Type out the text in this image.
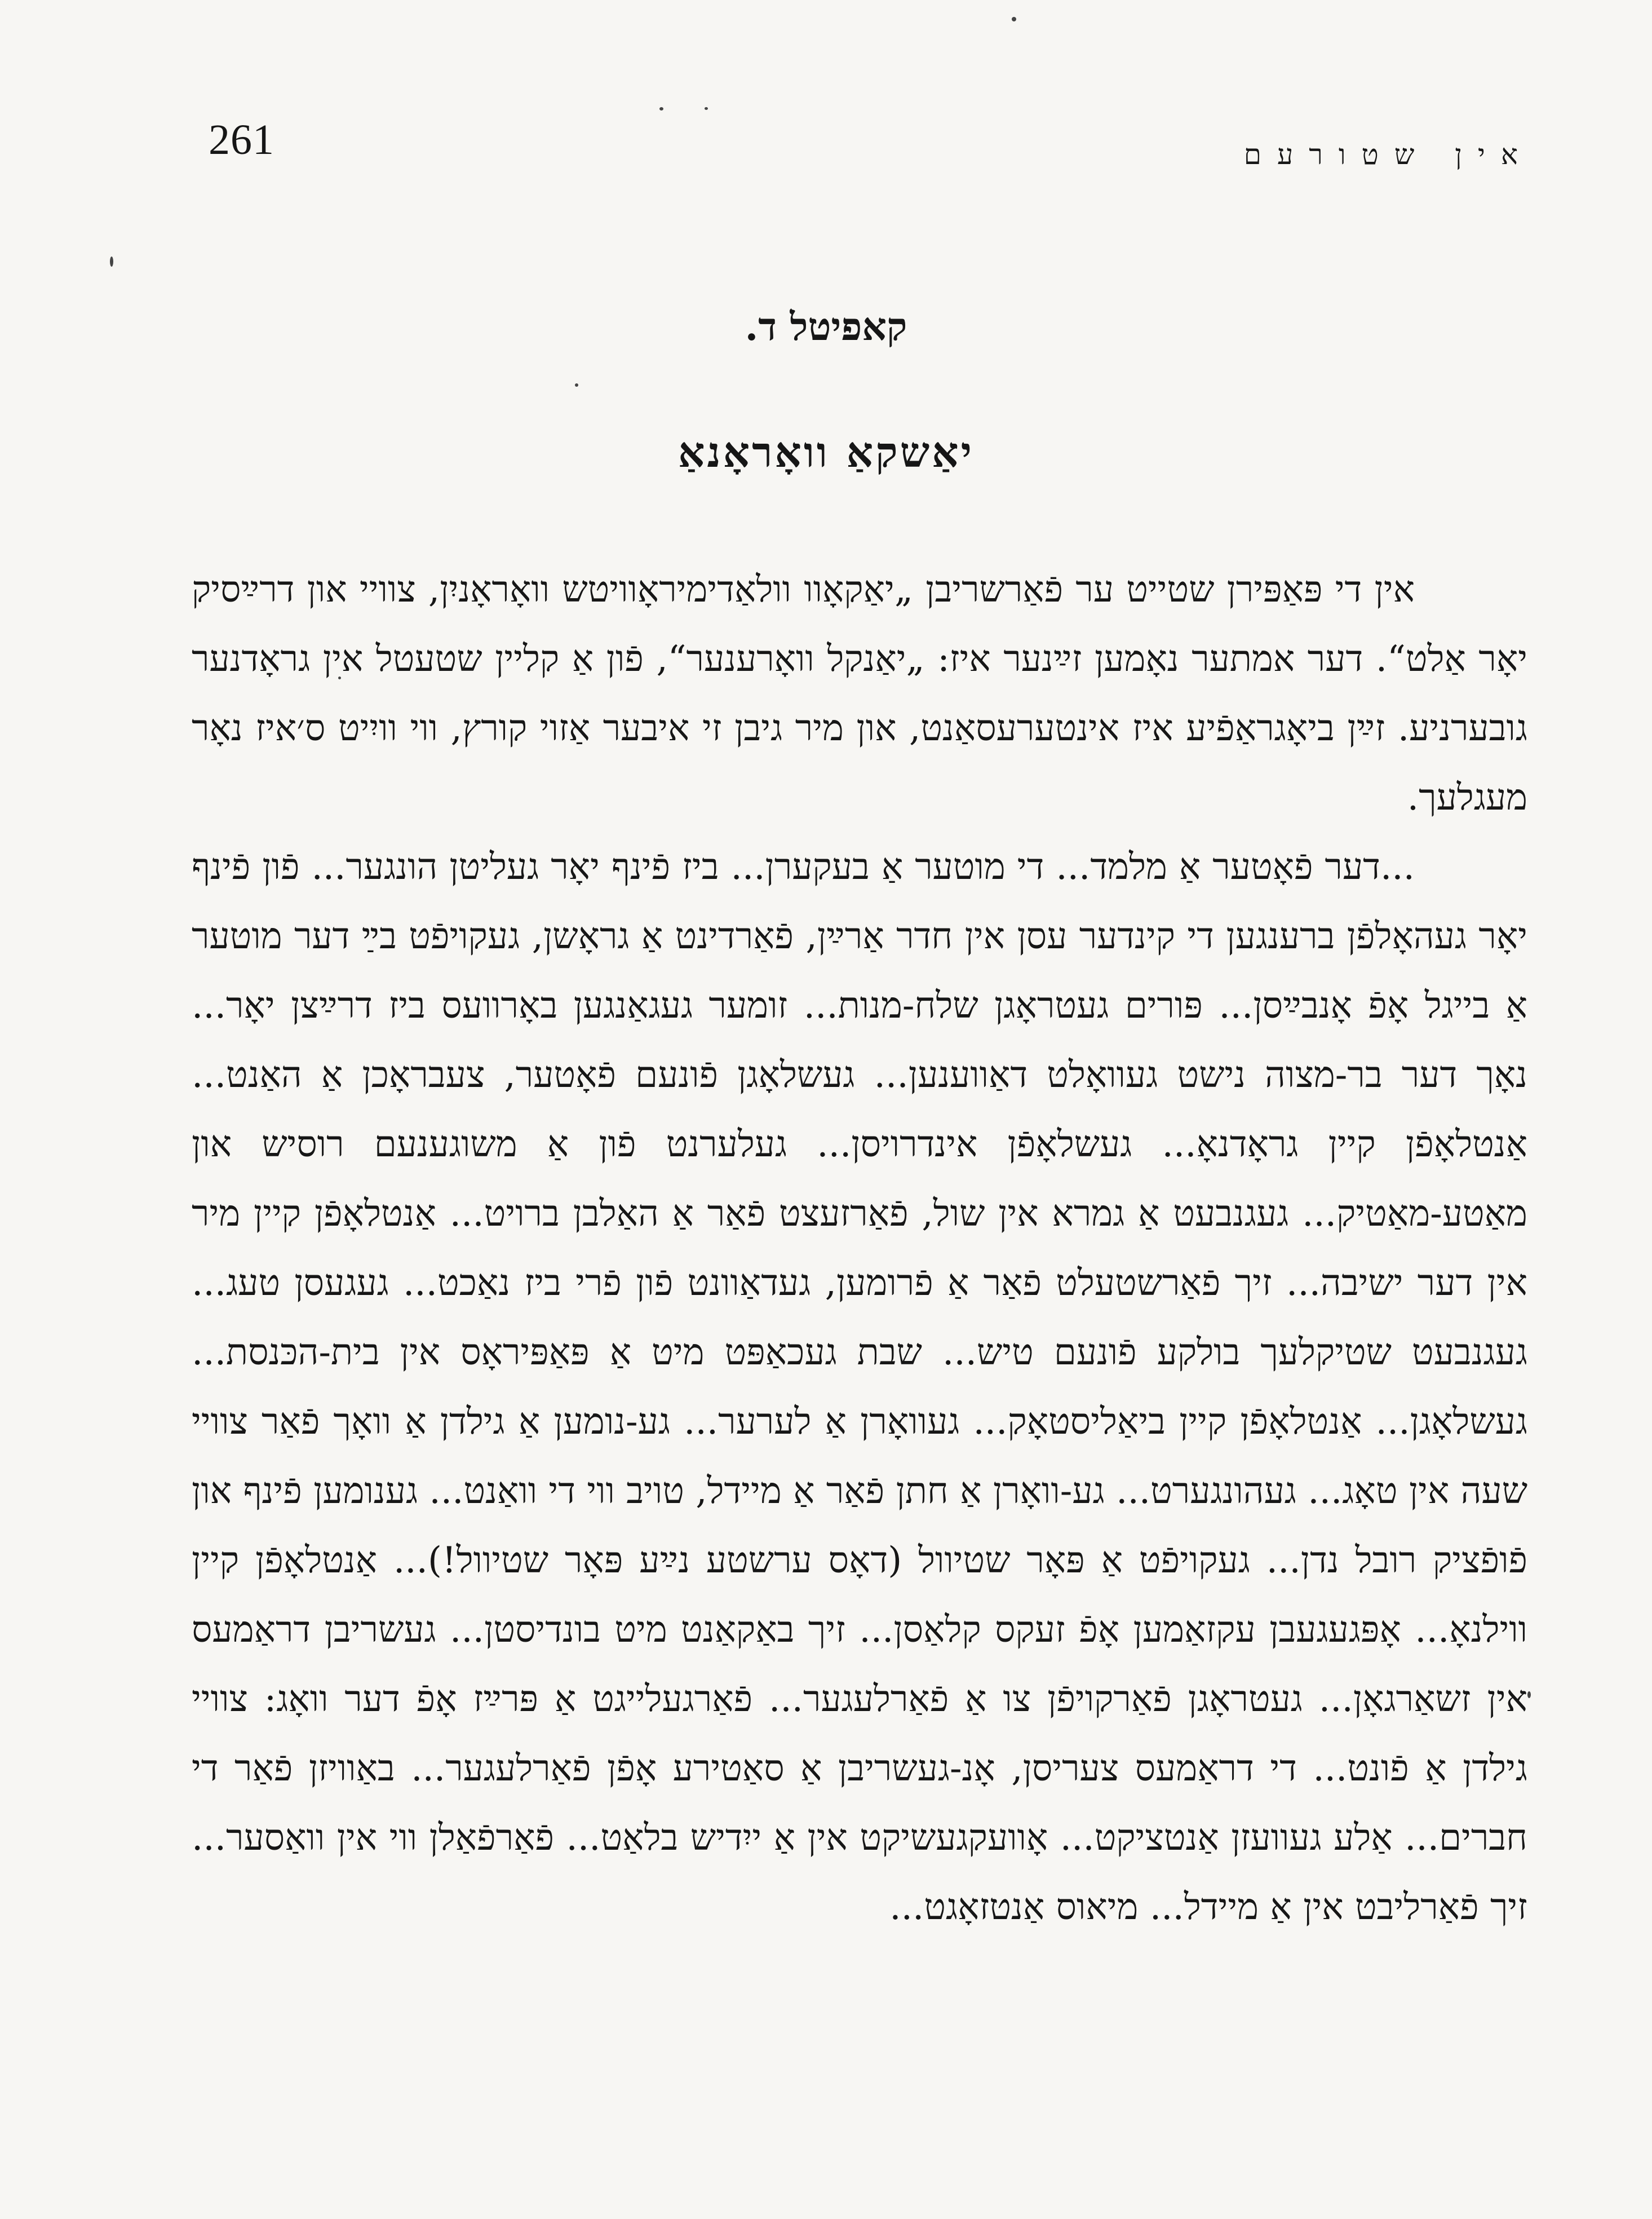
261	אין שטורעם
קאפיטל ד.
יאַשקאַ וואָראָנאַ

אין די פּאַפּירן שטייט ער פֿאַרשריבן „יאַקאָוו וולאַדימיראָוויטש וואָראָניִן, צוויי און דרײַסיק יאָר אַלט“. דער אמתער נאָמען זײַנער איז: „יאַנקל וואָרענער“, פֿון אַ קליין שטעטל אין גראָדנער גובערניע. זײַן ביאָגראַפֿיע איז אינטערעסאַנט, און מיר גיבן זי איבער אַזוי קורץ, ווי וויִיט ס׳איז נאָר מעגלעך.

...דער פֿאָטער אַ מלמד... די מוטער אַ בעקערן... ביז פֿינף יאָר געליטן הונגער... פֿון פֿינף יאָר געהאָלפֿן ברענגען די קינדער עסן אין חדר אַרײַן, פֿאַרדינט אַ גראָשן, געקויפֿט בײַ דער מוטער אַ בייגל אָפֿ אָנבײַסן... פּורים געטראָגן שלח-מנות... זומער געגאַנגען באָרוועס ביז דרײַצן יאָר... נאָך דער בר-מצוה נישט געוואָלט דאַווענען... געשלאָגן פֿונעם פֿאָטער, צעבראָכן אַ האַנט... אַנטלאָפֿן קיין גראָדנאָ... געשלאָפֿן אינדרויסן... געלערנט פֿון אַ משוגענעם רוסיש און מאַטע-מאַטיק... געגנבעט אַ גמרא אין שול, פֿאַרזעצט פֿאַר אַ האַלבן ברויט... אַנטלאָפֿן קיין מיר אין דער ישיבה... זיך פֿאַרשטעלט פֿאַר אַ פֿרומען, געדאַוונט פֿון פֿרי ביז נאַכט... געגעסן טעג... געגנבעט שטיקלעך בולקע פֿונעם טיש... שבת געכאַפּט מיט אַ פּאַפּיראָס אין בית-הכּנסת... געשלאָגן... אַנטלאָפֿן קיין ביאַליסטאָק... געוואָרן אַ לערער... גע-נומען אַ גילדן אַ וואָך פֿאַר צוויי שעה אין טאָג... געהונגערט... גע-וואָרן אַ חתן פֿאַר אַ מיידל, טויב ווי די וואַנט... גענומען פֿינף און פֿופֿציק רובל נדן... געקויפֿט אַ פּאָר שטיוול (דאָס ערשטע נײַע פּאָר שטיוול!)... אַנטלאָפֿן קיין ווילנאָ... אָפּגעגעבן עקזאַמען אָפֿ זעקס קלאַסן... זיך באַקאַנט מיט בונדיסטן... געשריבן דראַמעס אין זשאַרגאָן... געטראָגן פֿאַרקויפֿן צו אַ פֿאַרלעגער... פֿאַרגעלייגט אַ פּרײַז אָפֿ דער וואָג: צוויי גילדן אַ פֿונט... די דראַמעס צעריסן, אָנ-געשריבן אַ סאַטירע אָפֿן פֿאַרלעגער... באַוויזן פֿאַר די חברים... אַלע געוועזן אַנטציקט... אָוועקגעשיקט אין אַ ייִדיש בלאַט... פֿאַרפֿאַלן ווי אין וואַסער... זיך פֿאַרליבט אין אַ מיידל... מיאוס אַנטזאָגט...
